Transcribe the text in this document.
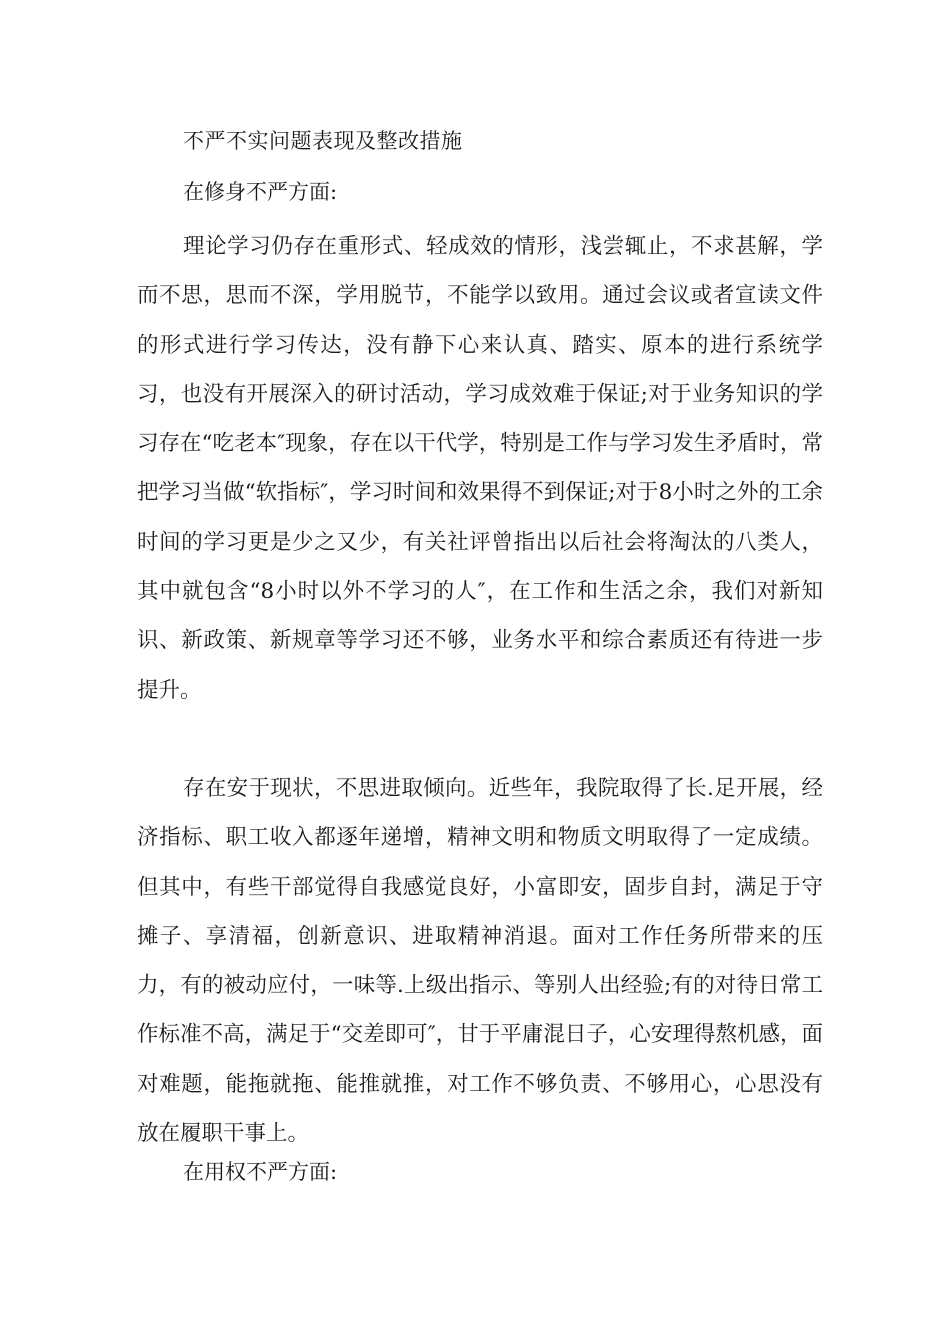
不严不实问题表现及整改措施
在修身不严方面:

理论学习仍存在重形式、轻成效的情形，浅尝辄止，不求甚解，学而不思，思而不深，学用脱节，不能学以致用。通过会议或者宣读文件的形式进行学习传达，没有静下心来认真、踏实、原本的进行系统学习，也没有开展深入的研讨活动，学习成效难于保证;对于业务知识的学习存在“吃老本″现象，存在以干代学，特别是工作与学习发生矛盾时，常把学习当做“软指标″，学习时间和效果得不到保证;对于8小时之外的工余时间的学习更是少之又少，有关社评曾指出以后社会将淘汰的八类人，其中就包含“8小时以外不学习的人″，在工作和生活之余，我们对新知识、新政策、新规章等学习还不够，业务水平和综合素质还有待进一步提升。

存在安于现状，不思进取倾向。近些年，我院取得了长.足开展，经济指标、职工收入都逐年递增，精神文明和物质文明取得了一定成绩。但其中，有些干部觉得自我感觉良好，小富即安，固步自封，满足于守摊子、享清福，创新意识、进取精神消退。面对工作任务所带来的压力，有的被动应付，一味等.上级出指示、等别人出经验;有的对待日常工作标准不高，满足于“交差即可″，甘于平庸混日子，心安理得熬机感，面对难题，能拖就拖、能推就推，对工作不够负责、不够用心，心思没有放在履职干事上。

在用权不严方面:
